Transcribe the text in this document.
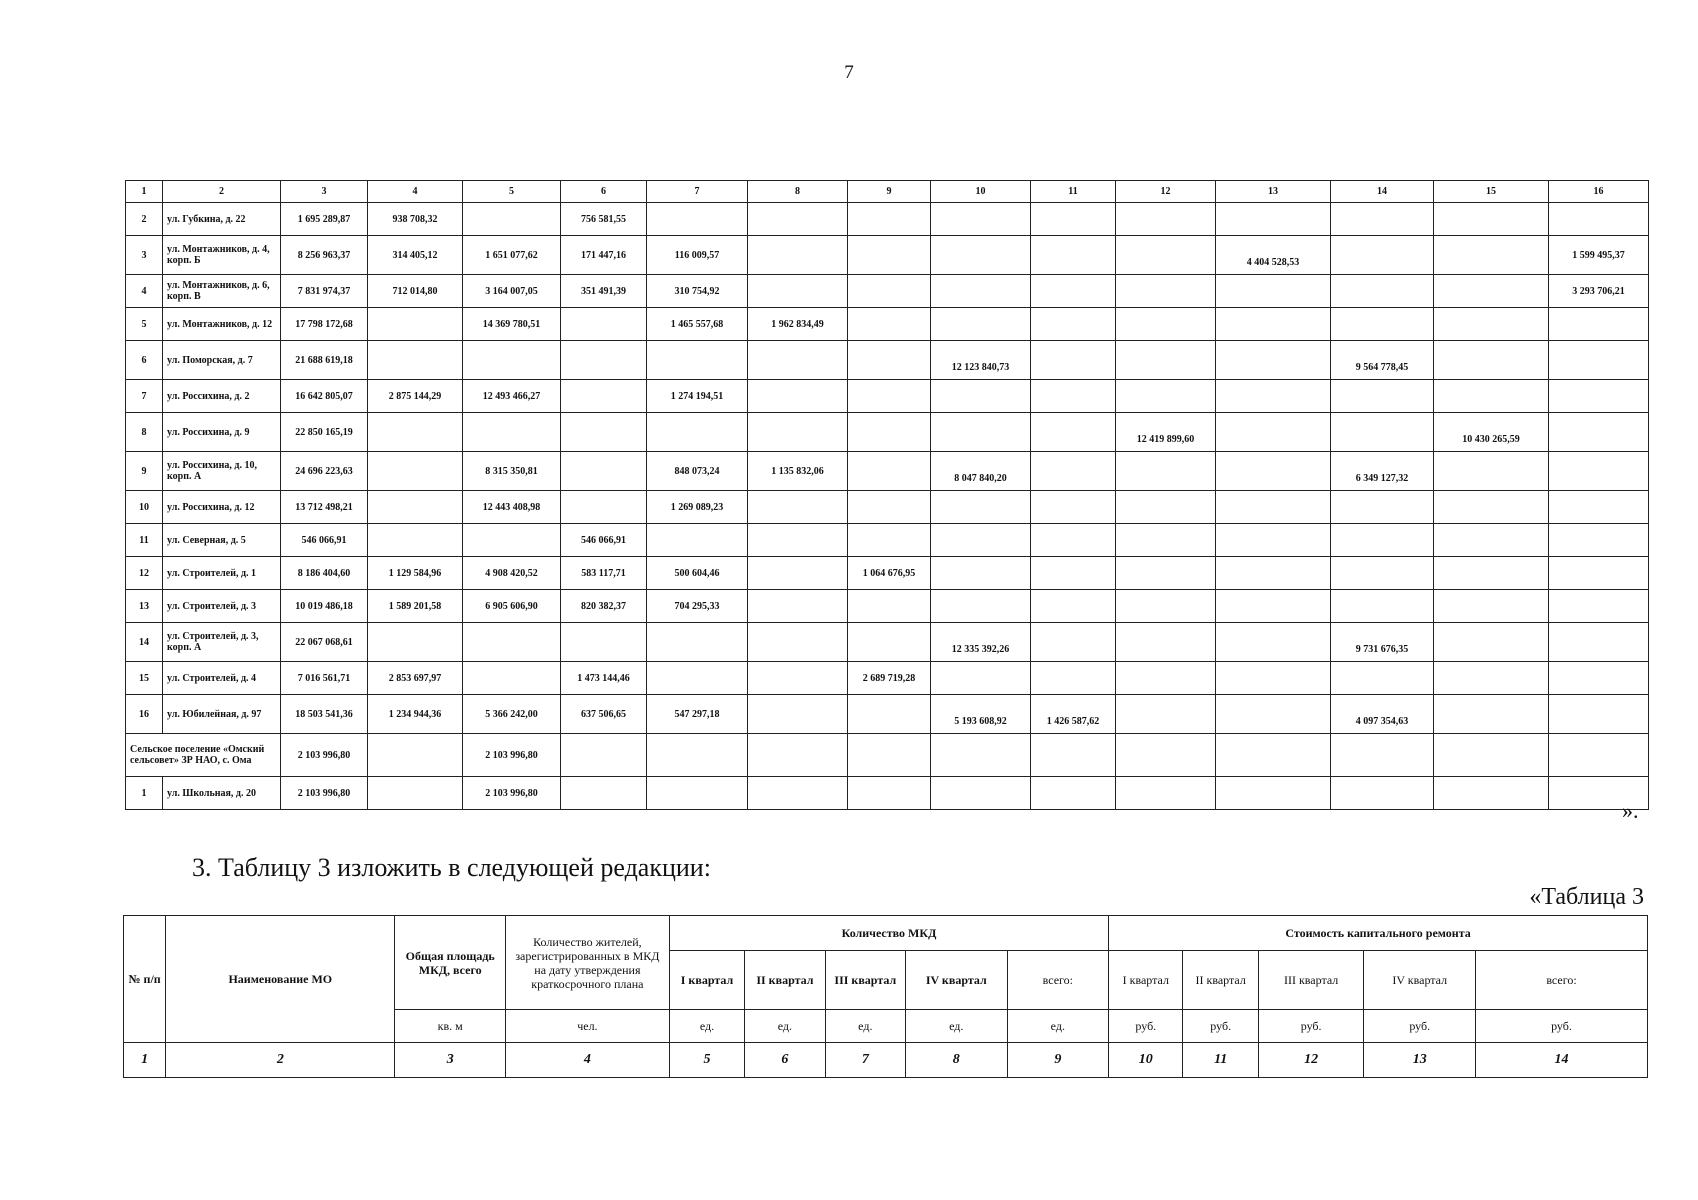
7
1	2	3	4	5	6	7	8	9	10	11	12	13	14	15	16
2	ул. Губкина, д. 22	1 695 289,87	938 708,32		756 581,55										
3	ул. Монтажников, д. 4, корп. Б	8 256 963,37	314 405,12	1 651 077,62	171 447,16	116 009,57						4 404 528,53			1 599 495,37
4	ул. Монтажников, д. 6, корп. В	7 831 974,37	712 014,80	3 164 007,05	351 491,39	310 754,92									3 293 706,21
5	ул. Монтажников, д. 12	17 798 172,68		14 369 780,51		1 465 557,68	1 962 834,49								
6	ул. Поморская, д. 7	21 688 619,18							12 123 840,73				9 564 778,45		
7	ул. Россихина, д. 2	16 642 805,07	2 875 144,29	12 493 466,27		1 274 194,51									
8	ул. Россихина, д. 9	22 850 165,19									12 419 899,60			10 430 265,59	
9	ул. Россихина, д. 10, корп. А	24 696 223,63		8 315 350,81		848 073,24	1 135 832,06		8 047 840,20				6 349 127,32		
10	ул. Россихина, д. 12	13 712 498,21		12 443 408,98		1 269 089,23									
11	ул. Северная, д. 5	546 066,91			546 066,91										
12	ул. Строителей, д. 1	8 186 404,60	1 129 584,96	4 908 420,52	583 117,71	500 604,46		1 064 676,95							
13	ул. Строителей, д. 3	10 019 486,18	1 589 201,58	6 905 606,90	820 382,37	704 295,33									
14	ул. Строителей, д. 3, корп. А	22 067 068,61							12 335 392,26				9 731 676,35		
15	ул. Строителей, д. 4	7 016 561,71	2 853 697,97		1 473 144,46			2 689 719,28							
16	ул. Юбилейная, д. 97	18 503 541,36	1 234 944,36	5 366 242,00	637 506,65	547 297,18			5 193 608,92	1 426 587,62			4 097 354,63		
Сельское поселение «Омский сельсовет» ЗР НАО, с. Ома		2 103 996,80		2 103 996,80											
1	ул. Школьная, д. 20	2 103 996,80		2 103 996,80											
».
3. Таблицу 3 изложить в следующей редакции:
«Таблица 3
№ п/п	Наименование МО	Общая площадь МКД, всего	Количество жителей, зарегистрированных в МКД на дату утверждения краткосрочного плана	Количество МКД					Стоимость капитального ремонта				
				I квартал	II квартал	III квартал	IV квартал	всего:	I квартал	II квартал	III квартал	IV квартал	всего:
		кв. м	чел.	ед.	ед.	ед.	ед.	ед.	руб.	руб.	руб.	руб.	руб.
1	2	3	4	5	6	7	8	9	10	11	12	13	14
